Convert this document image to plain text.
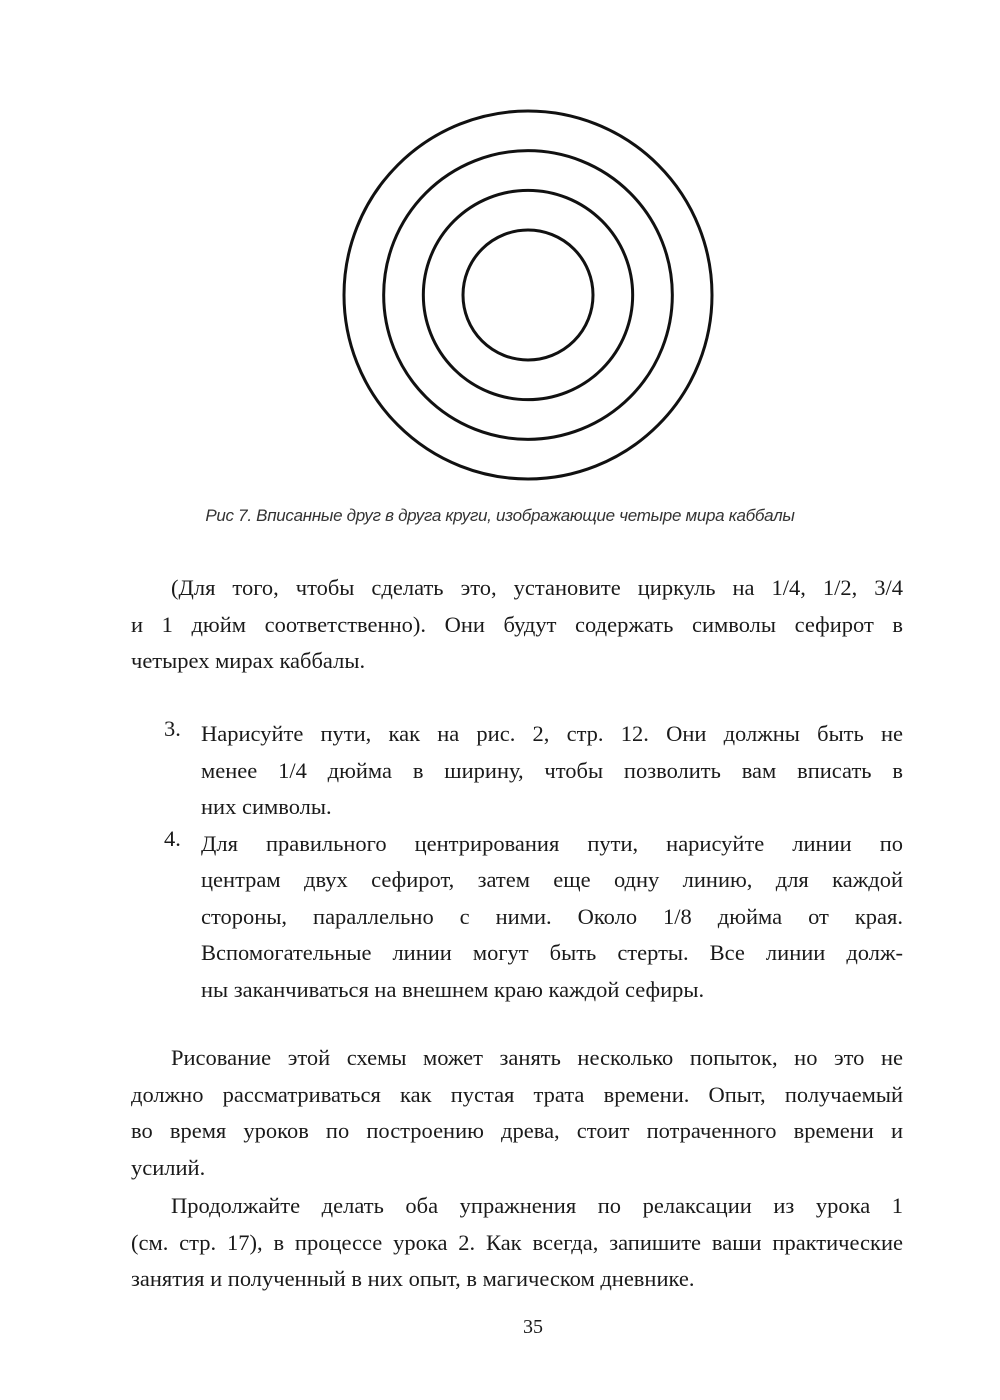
Рис 7. Вписанные друг в друга круги, изображающие четыре мира каббалы
(Для того, чтобы сделать это, установите циркуль на 1/4, 1/2, 3/4
и 1 дюйм соответственно). Они будут содержать символы сефирот в
четырех мирах каббалы.
3. Нарисуйте пути, как на рис. 2, стр. 12. Они должны быть не
менее 1/4 дюйма в ширину, чтобы позволить вам вписать в
них символы.
4. Для правильного центрирования пути, нарисуйте линии по
центрам двух сефирот, затем еще одну линию, для каждой
стороны, параллельно с ними. Около 1/8 дюйма от края.
Вспомогательные линии могут быть стерты. Все линии долж-
ны заканчиваться на внешнем краю каждой сефиры.
Рисование этой схемы может занять несколько попыток, но это не
должно рассматриваться как пустая трата времени. Опыт, получаемый
во время уроков по построению древа, стоит потраченного времени и
усилий.
Продолжайте делать оба упражнения по релаксации из урока 1
(см. стр. 17), в процессе урока 2. Как всегда, запишите ваши практические
занятия и полученный в них опыт, в магическом дневнике.
35
